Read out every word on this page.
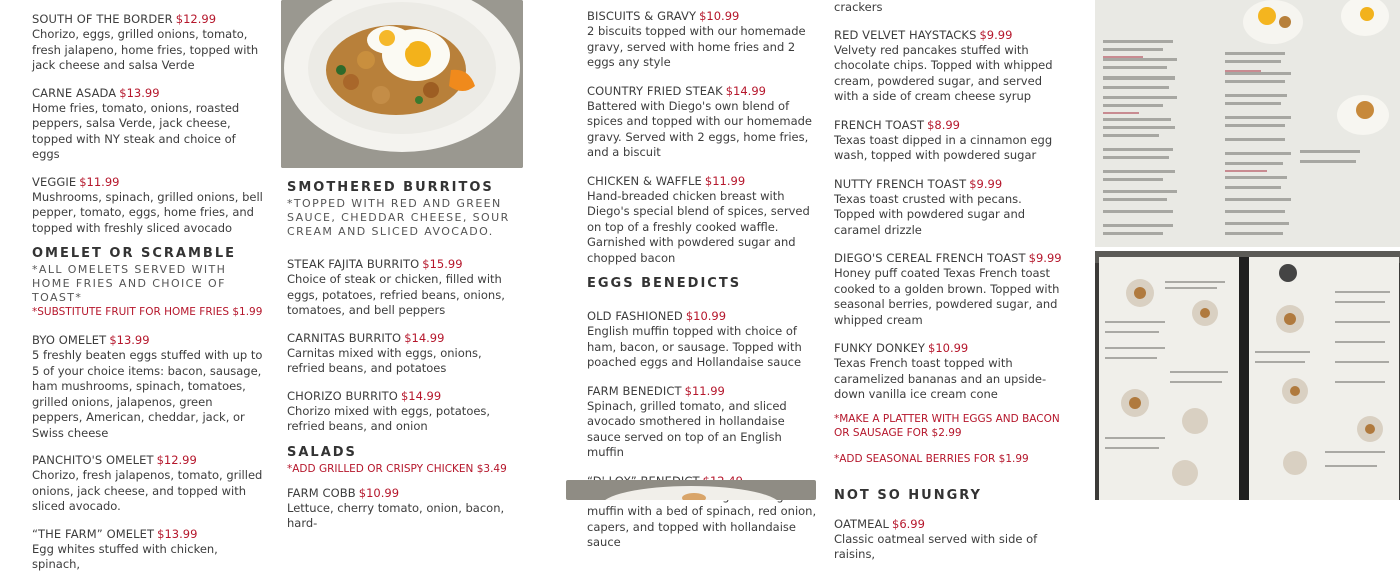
SOUTH OF THE BORDER $12.99
Chorizo, eggs, grilled onions, tomato, fresh jalapeno, home fries, topped with jack cheese and salsa Verde
CARNE ASADA $13.99
Home fries, tomato, onions, roasted peppers, salsa Verde, jack cheese, topped with NY steak and choice of eggs
VEGGIE $11.99
Mushrooms, spinach, grilled onions, bell pepper, tomato, eggs, home fries, and topped with freshly sliced avocado
OMELET OR SCRAMBLE
*ALL OMELETS SERVED WITH HOME FRIES AND CHOICE OF TOAST*
*SUBSTITUTE FRUIT FOR HOME FRIES $1.99
BYO OMELET $13.99
5 freshly beaten eggs stuffed with up to 5 of your choice items: bacon, sausage, ham mushrooms, spinach, tomatoes, grilled onions, jalapenos, green peppers, American, cheddar, jack, or Swiss cheese
PANCHITO'S OMELET $12.99
Chorizo, fresh jalapenos, tomato, grilled onions, jack cheese, and topped with sliced avocado.
“THE FARM” OMELET $13.99
Egg whites stuffed with chicken, spinach,
SMOTHERED BURRITOS
*TOPPED WITH RED AND GREEN SAUCE, CHEDDAR CHEESE, SOUR CREAM AND SLICED AVOCADO.
STEAK FAJITA BURRITO $15.99
Choice of steak or chicken, filled with eggs, potatoes, refried beans, onions, tomatoes, and bell peppers
CARNITAS BURRITO $14.99
Carnitas mixed with eggs, onions, refried beans, and potatoes
CHORIZO BURRITO $14.99
Chorizo mixed with eggs, potatoes, refried beans, and onion
SALADS
*ADD GRILLED OR CRISPY CHICKEN $3.49
FARM COBB $10.99
Lettuce, cherry tomato, onion, bacon, hard-
BISCUITS & GRAVY $10.99
2 biscuits topped with our homemade gravy, served with home fries and 2 eggs any style
COUNTRY FRIED STEAK $14.99
Battered with Diego's own blend of spices and topped with our homemade gravy. Served with 2 eggs, home fries, and a biscuit
CHICKEN & WAFFLE $11.99
Hand-breaded chicken breast with Diego's special blend of spices, served on top of a freshly cooked waffle. Garnished with powdered sugar and chopped bacon
EGGS BENEDICTS
OLD FASHIONED $10.99
English muffin topped with choice of ham, bacon, or sausage. Topped with poached eggs and Hollandaise sauce
FARM BENEDICT $11.99
Spinach, grilled tomato, and sliced avocado smothered in hollandaise sauce served on top of an English muffin
muffin with a bed of spinach, red onion, capers, and topped with hollandaise sauce
crackers
RED VELVET HAYSTACKS $9.99
Velvety red pancakes stuffed with chocolate chips. Topped with whipped cream, powdered sugar, and served with a side of cream cheese syrup
FRENCH TOAST $8.99
Texas toast dipped in a cinnamon egg wash, topped with powdered sugar
NUTTY FRENCH TOAST $9.99
Texas toast crusted with pecans. Topped with powdered sugar and caramel drizzle
DIEGO'S CEREAL FRENCH TOAST $9.99
Honey puff coated Texas French toast cooked to a golden brown. Topped with seasonal berries, powdered sugar, and whipped cream
FUNKY DONKEY $10.99
Texas French toast topped with caramelized bananas and an upside-down vanilla ice cream cone
*MAKE A PLATTER WITH EGGS AND BACON OR SAUSAGE FOR $2.99
*ADD SEASONAL BERRIES FOR $1.99
NOT SO HUNGRY
OATMEAL $6.99
Classic oatmeal served with side of raisins,
